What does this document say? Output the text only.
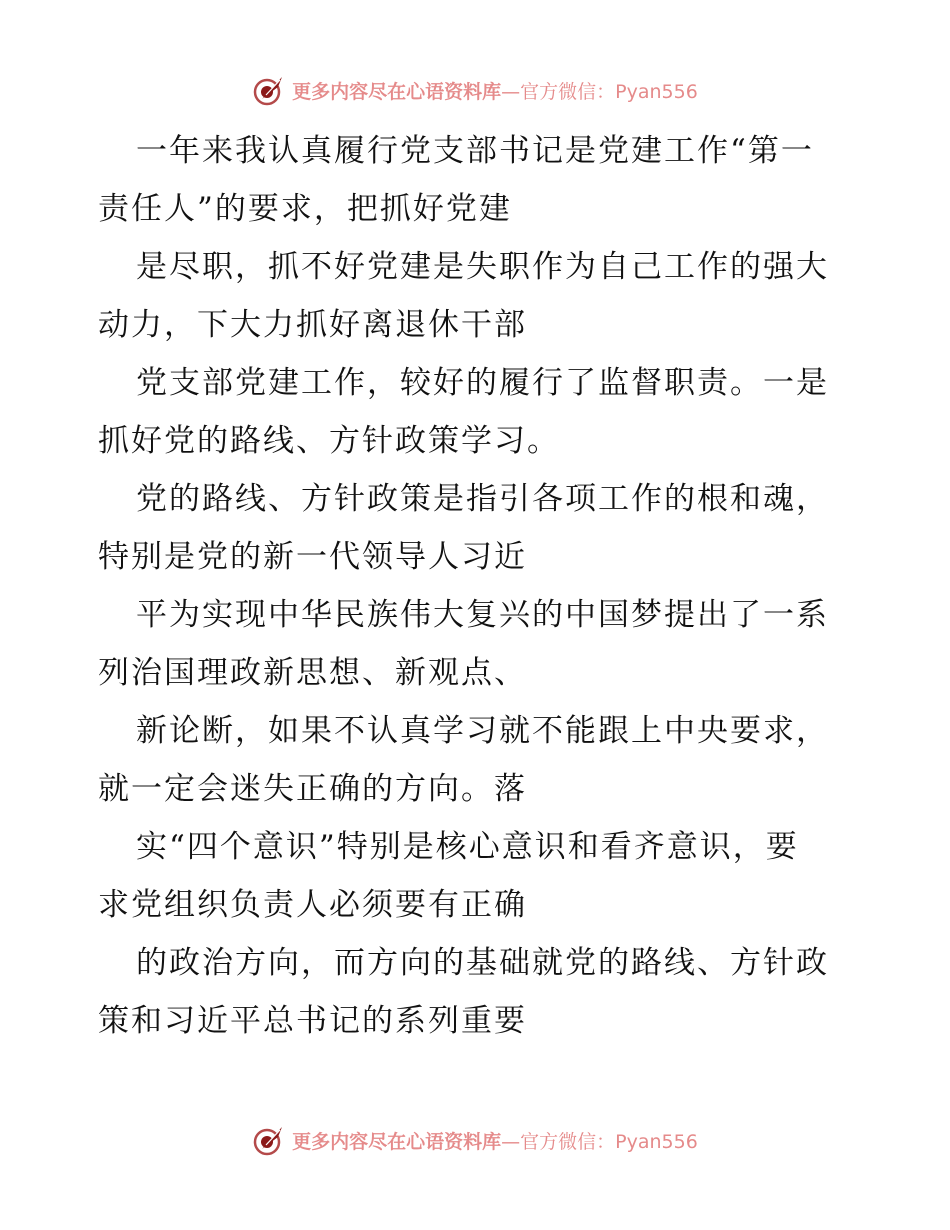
更多内容尽在心语资料库 —官方微信：Pyan556
一年来我认真履行党支部书记是党建工作“第一
责任人”的要求，把抓好党建
是尽职，抓不好党建是失职作为自己工作的强大
动力，下大力抓好离退休干部
党支部党建工作，较好的履行了监督职责。一是
抓好党的路线、方针政策学习。
党的路线、方针政策是指引各项工作的根和魂，
特别是党的新一代领导人习近
平为实现中华民族伟大复兴的中国梦提出了一系
列治国理政新思想、新观点、
新论断，如果不认真学习就不能跟上中央要求，
就一定会迷失正确的方向。落
实“四个意识”特别是核心意识和看齐意识，要
求党组织负责人必须要有正确
的政治方向，而方向的基础就党的路线、方针政
策和习近平总书记的系列重要
更多内容尽在心语资料库 —官方微信：Pyan556
